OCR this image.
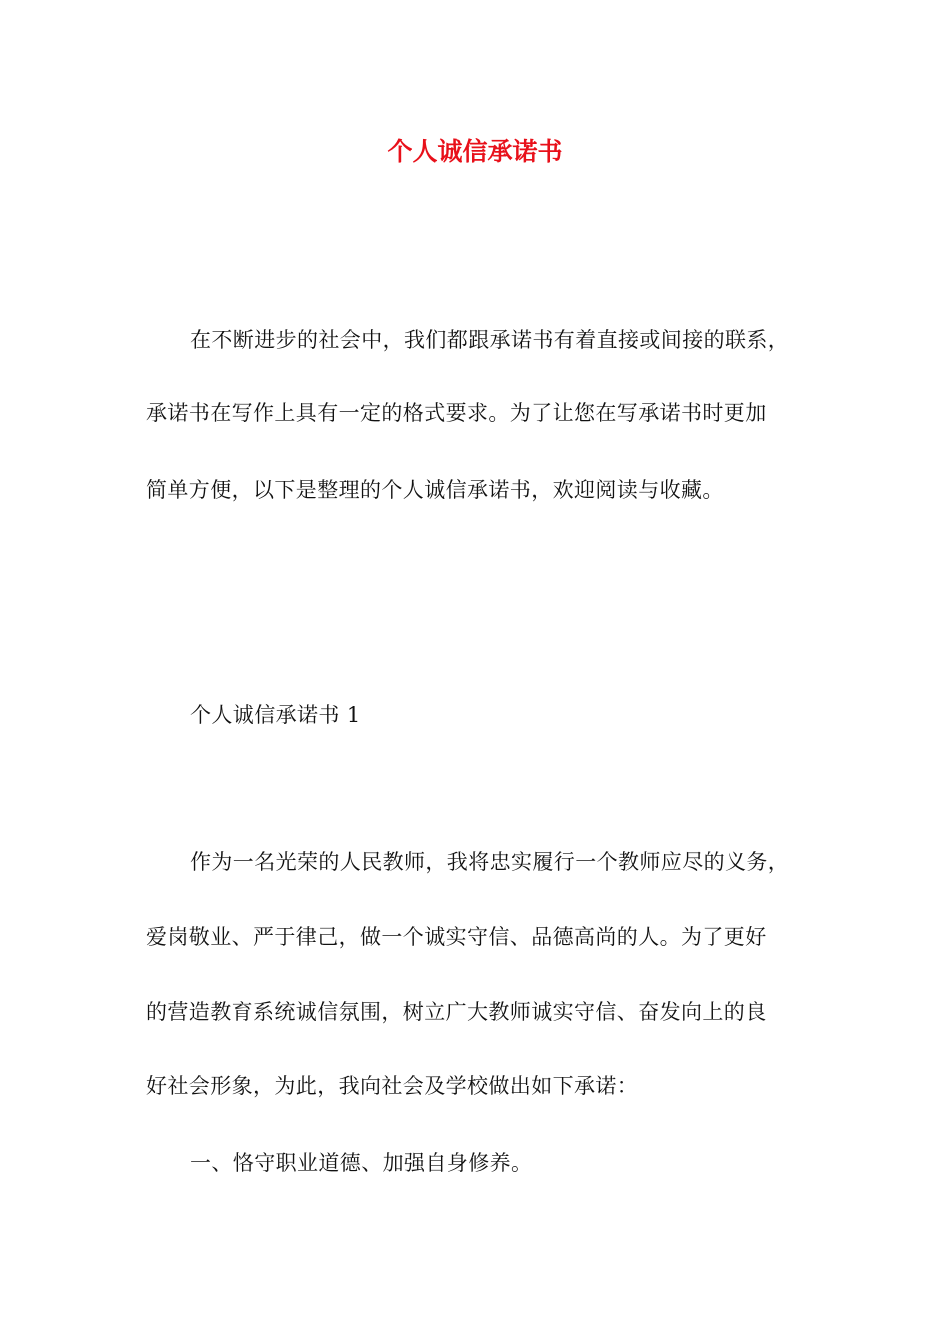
个人诚信承诺书
在不断进步的社会中，我们都跟承诺书有着直接或间接的联系，
承诺书在写作上具有一定的格式要求。为了让您在写承诺书时更加
简单方便，以下是整理的个人诚信承诺书，欢迎阅读与收藏。
个人诚信承诺书 1
作为一名光荣的人民教师，我将忠实履行一个教师应尽的义务，
爱岗敬业、严于律己，做一个诚实守信、品德高尚的人。为了更好
的营造教育系统诚信氛围，树立广大教师诚实守信、奋发向上的良
好社会形象，为此，我向社会及学校做出如下承诺：
一、恪守职业道德、加强自身修养。
